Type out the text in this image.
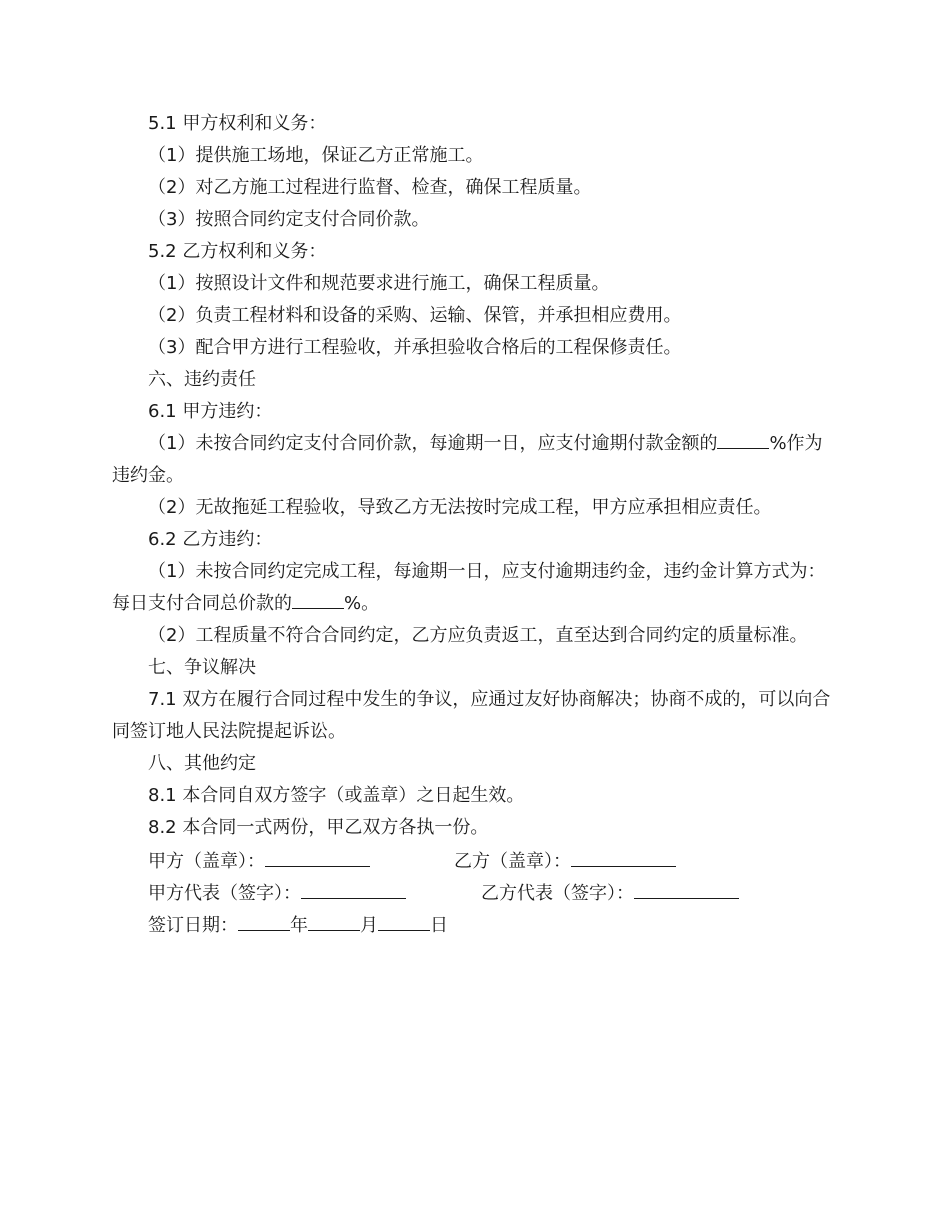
5.1 甲方权利和义务：
（1）提供施工场地，保证乙方正常施工。
（2）对乙方施工过程进行监督、检查，确保工程质量。
（3）按照合同约定支付合同价款。
5.2 乙方权利和义务：
（1）按照设计文件和规范要求进行施工，确保工程质量。
（2）负责工程材料和设备的采购、运输、保管，并承担相应费用。
（3）配合甲方进行工程验收，并承担验收合格后的工程保修责任。
六、违约责任
6.1 甲方违约：
（1）未按合同约定支付合同价款，每逾期一日，应支付逾期付款金额的	%作为违约金。
（2）无故拖延工程验收，导致乙方无法按时完成工程，甲方应承担相应责任。
6.2 乙方违约：
（1）未按合同约定完成工程，每逾期一日，应支付逾期违约金，违约金计算方式为：每日支付合同总价款的	%。
（2）工程质量不符合合同约定，乙方应负责返工，直至达到合同约定的质量标准。
七、争议解决
7.1 双方在履行合同过程中发生的争议，应通过友好协商解决；协商不成的，可以向合同签订地人民法院提起诉讼。
八、其他约定
8.1 本合同自双方签字（或盖章）之日起生效。
8.2 本合同一式两份，甲乙双方各执一份。
甲方（盖章）：	乙方（盖章）：
甲方代表（签字）：	乙方代表（签字）：
签订日期：	年	月	日
